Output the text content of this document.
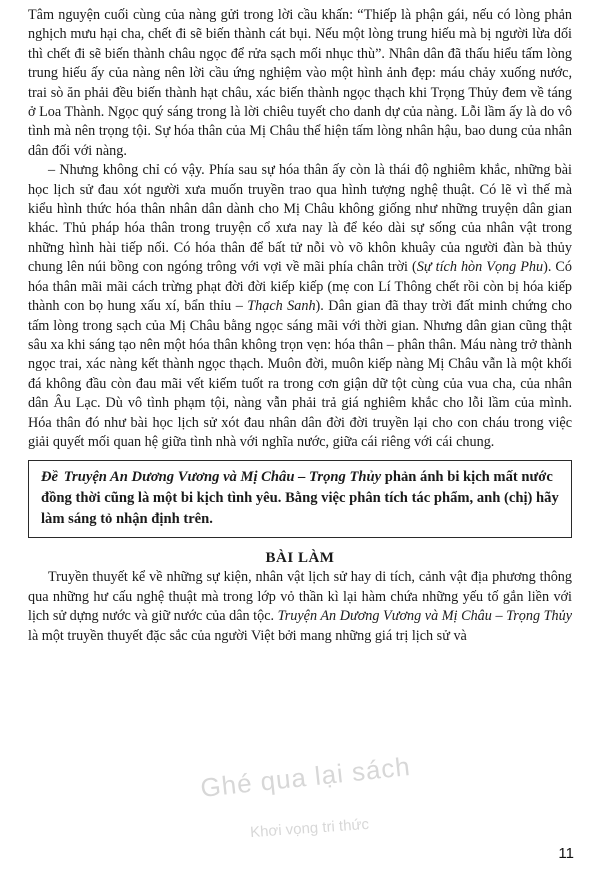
Tâm nguyện cuối cùng của nàng gửi trong lời cầu khấn: “Thiếp là phận gái, nếu có lòng phản nghịch mưu hại cha, chết đi sẽ biến thành cát bụi. Nếu một lòng trung hiếu mà bị người lừa dối thì chết đi sẽ biến thành châu ngọc để rửa sạch mối nhục thù”. Nhân dân đã thấu hiểu tấm lòng trung hiếu ấy của nàng nên lời cầu ứng nghiệm vào một hình ảnh đẹp: máu chảy xuống nước, trai sò ăn phải đều biến thành hạt châu, xác biến thành ngọc thạch khi Trọng Thủy đem về táng ở Loa Thành. Ngọc quý sáng trong là lời chiêu tuyết cho danh dự của nàng. Lỗi lầm ấy là do vô tình mà nên trọng tội. Sự hóa thân của Mị Châu thể hiện tấm lòng nhân hậu, bao dung của nhân dân đối với nàng.

– Nhưng không chỉ có vậy. Phía sau sự hóa thân ấy còn là thái độ nghiêm khắc, những bài học lịch sử đau xót người xưa muốn truyền trao qua hình tượng nghệ thuật. Có lẽ vì thế mà kiểu hình thức hóa thân nhân dân dành cho Mị Châu không giống như những truyện dân gian khác. Thủ pháp hóa thân trong truyện cổ xưa nay là để kéo dài sự sống của nhân vật trong những hình hài tiếp nối. Có hóa thân để bất tử nỗi vò võ khôn khuây của người đàn bà thủy chung lên núi bồng con ngóng trông với vợi về mãi phía chân trời (Sự tích hòn Vọng Phu). Có hóa thân mãi mãi cách trừng phạt đời đời kiếp kiếp (mẹ con Lí Thông chết rồi còn bị hóa kiếp thành con bọ hung xấu xí, bẩn thỉu – Thạch Sanh). Dân gian đã thay trời đất minh chứng cho tấm lòng trong sạch của Mị Châu bằng ngọc sáng mãi với thời gian. Nhưng dân gian cũng thật sâu xa khi sáng tạo nên một hóa thân không trọn vẹn: hóa thân – phân thân. Máu nàng trở thành ngọc trai, xác nàng kết thành ngọc thạch. Muôn đời, muôn kiếp nàng Mị Châu vẫn là một khối đá không đầu còn đau mãi vết kiếm tuốt ra trong cơn giận dữ tột cùng của vua cha, của nhân dân Âu Lạc. Dù vô tình phạm tội, nàng vẫn phải trả giá nghiêm khắc cho lỗi lầm của mình. Hóa thân đó như bài học lịch sử xót đau nhân dân đời đời truyền lại cho con cháu trong việc giải quyết mối quan hệ giữa tình nhà với nghĩa nước, giữa cái riêng với cái chung.

Đề Truyện An Dương Vương và Mị Châu – Trọng Thủy phản ánh bi kịch mất nước đồng thời cũng là một bi kịch tình yêu. Bằng việc phân tích tác phẩm, anh (chị) hãy làm sáng tỏ nhận định trên.
BÀI LÀM

Truyền thuyết kể về những sự kiện, nhân vật lịch sử hay di tích, cảnh vật địa phương thông qua những hư cấu nghệ thuật mà trong lớp vỏ thần kì lại hàm chứa những yếu tố gắn liền với lịch sử dựng nước và giữ nước của dân tộc. Truyện An Dương Vương và Mị Châu – Trọng Thủy là một truyền thuyết đặc sắc của người Việt bởi mang những giá trị lịch sử và

Ghé qua lại sách
Khơi vọng tri thức
11
